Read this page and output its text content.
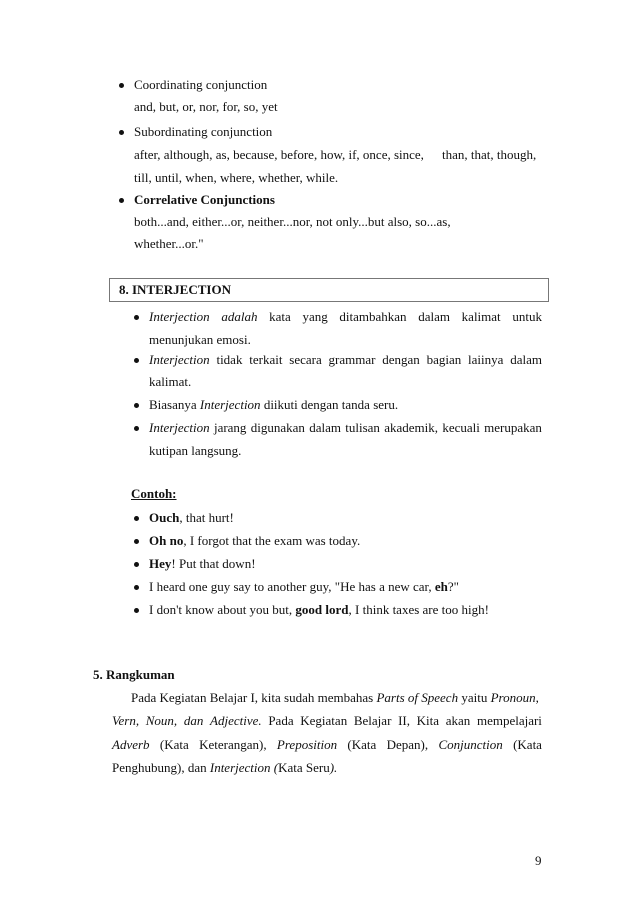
Coordinating conjunction
and, but, or, nor, for, so, yet
Subordinating conjunction
after, although, as, because, before, how, if, once, since, than, that, though,
till, until, when, where, whether, while.
Correlative Conjunctions
both...and, either...or, neither...nor, not only...but also, so...as,
whether...or."
8. INTERJECTION
Interjection adalah kata yang ditambahkan dalam kalimat untuk
menunjukan emosi.
Interjection tidak terkait secara grammar dengan bagian laiinya dalam
kalimat.
Biasanya Interjection diikuti dengan tanda seru.
Interjection jarang digunakan dalam tulisan akademik, kecuali merupakan
kutipan langsung.
Contoh:
Ouch, that hurt!
Oh no, I forgot that the exam was today.
Hey! Put that down!
I heard one guy say to another guy, "He has a new car, eh?"
I don't know about you but, good lord, I think taxes are too high!
5. Rangkuman
Pada Kegiatan Belajar I, kita sudah membahas Parts of Speech yaitu Pronoun,
Vern, Noun, dan Adjective. Pada Kegiatan Belajar II, Kita akan mempelajari
Adverb (Kata Keterangan), Preposition (Kata Depan), Conjunction (Kata
Penghubung), dan Interjection (Kata Seru).
9
